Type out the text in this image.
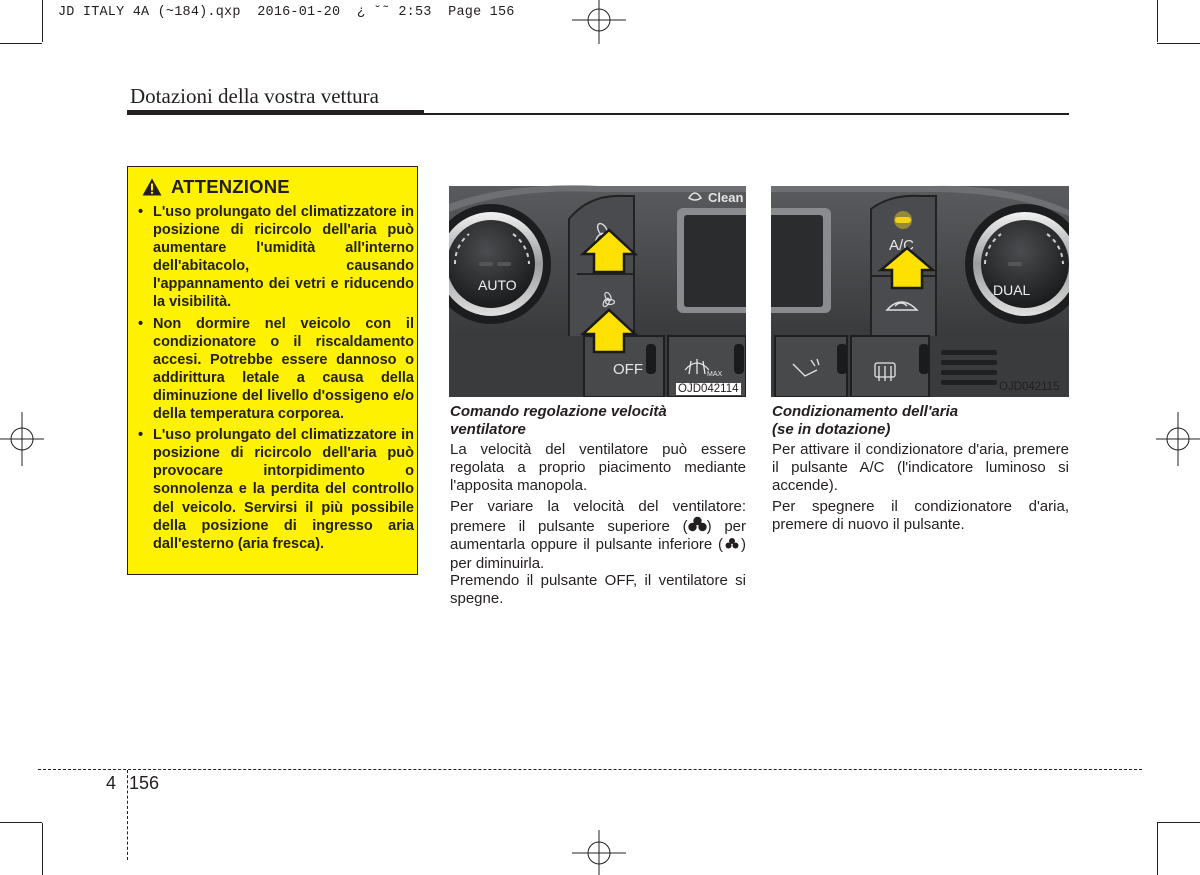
JD ITALY 4A (~184).qxp  2016-01-20  ¿ ˘˜ 2:53  Page 156
Dotazioni della vostra vettura
ATTENZIONE
• L'uso prolungato del climatizzatore in posizione di ricircolo dell'aria può aumentare l'umidità all'interno dell'abitacolo, causando l'appannamento dei vetri e riducendo la visibilità.
• Non dormire nel veicolo con il condizionatore o il riscaldamento accesi. Potrebbe essere dannoso o addirittura letale a causa della diminuzione del livello d'ossigeno e/o della temperatura corporea.
• L'uso prolungato del climatizzatore in posizione di ricircolo dell'aria può provocare intorpidimento o sonnolenza e la perdita del controllo del veicolo. Servirsi il più possibile della posizione di ingresso aria dall'esterno (aria fresca).
Clean
OFF	MAX
AUTO
OJD042114
A/C
DUAL
OJD042115
Comando regolazione velocità
ventilatore

La velocità del ventilatore può essere regolata a proprio piacimento mediante l'apposita manopola.

Per variare la velocità del ventilatore: premere il pulsante superiore ( ) per aumentarla oppure il pulsante inferiore ( ) per diminuirla.

Premendo il pulsante OFF, il ventilatore si spegne.

Condizionamento dell'aria
(se in dotazione)

Per attivare il condizionatore d'aria, premere il pulsante A/C (l'indicatore luminoso si accende).

Per spegnere il condizionatore d'aria, premere di nuovo il pulsante.

4 156
